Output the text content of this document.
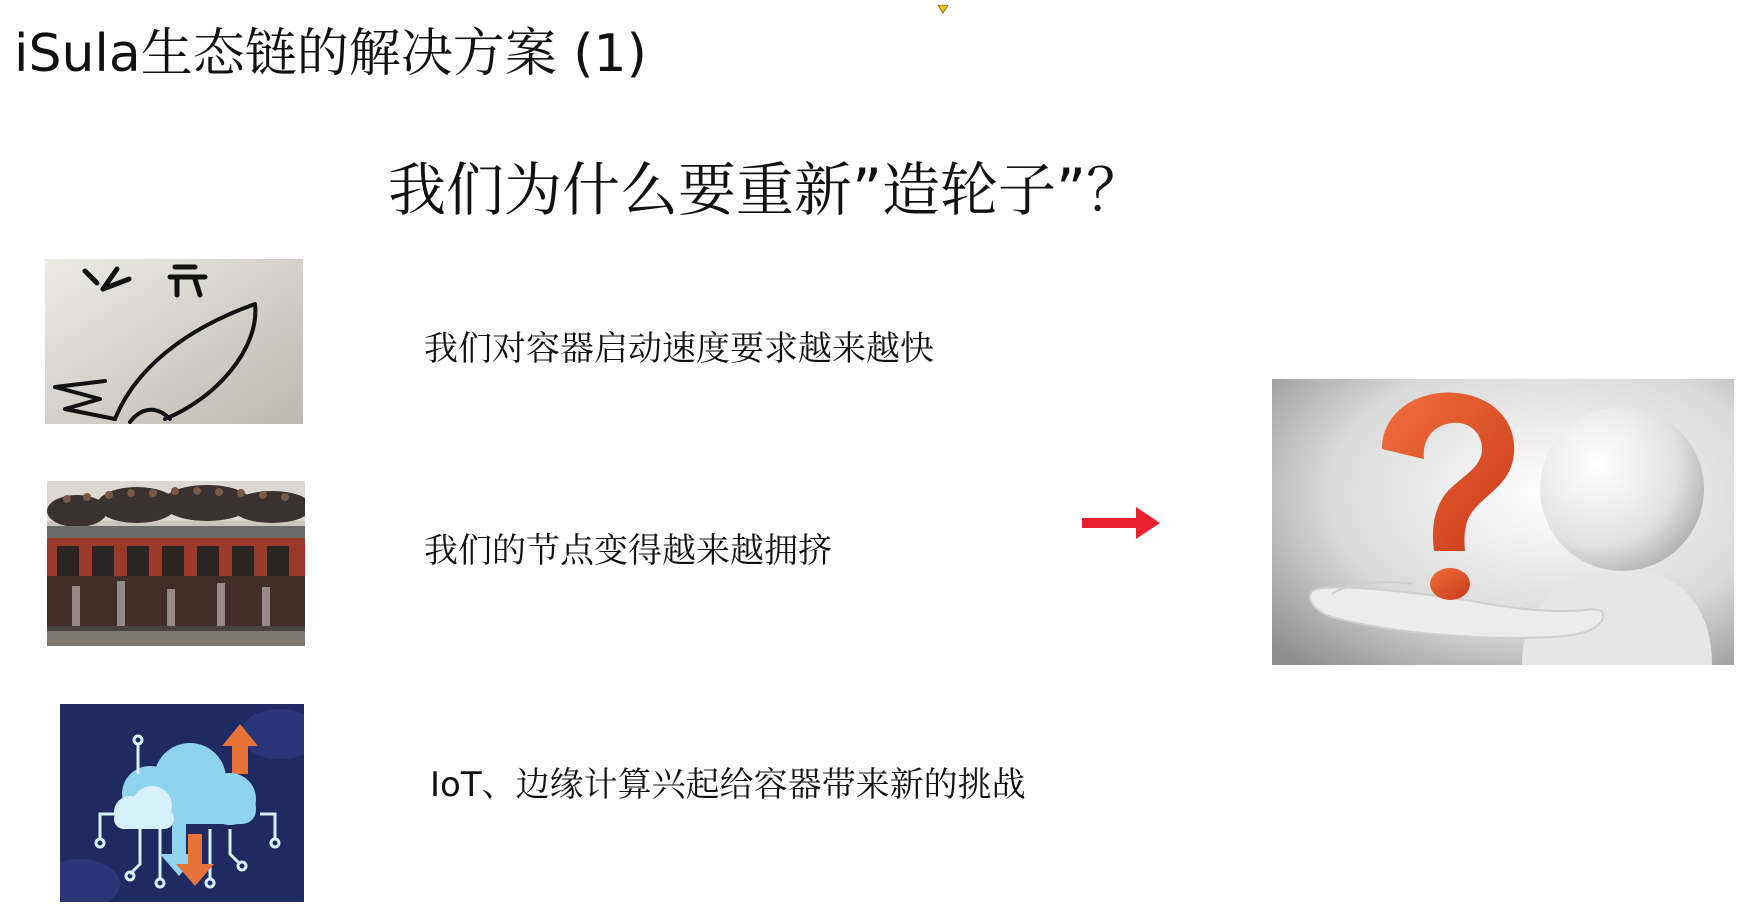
iSula生态链的解决方案 (1)
我们为什么要重新”造轮子”？
火 箭
我们对容器启动速度要求越来越快
我们的节点变得越来越拥挤
IoT、边缘计算兴起给容器带来新的挑战
